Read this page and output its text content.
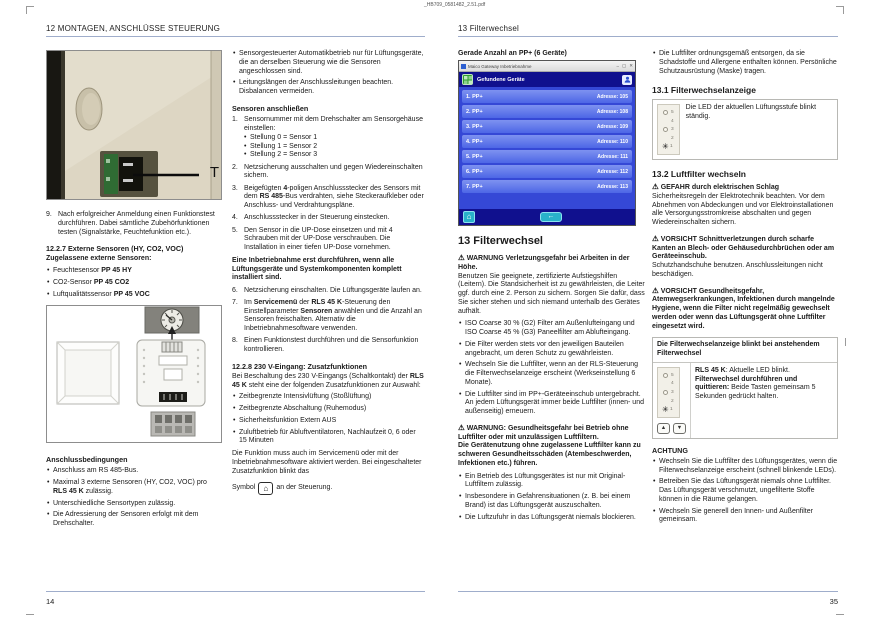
_HB709_0581482_2.51.pdf
12 MONTAGEN, ANSCHLÜSSE STEUERUNG
T
9. Nach erfolgreicher Anmeldung einen Funktionstest durchführen. Dabei sämtliche Zubehörfunktionen testen (Signalstärke, Feuchtefunktion etc.).
12.2.7 Externe Sensoren (HY, CO2, VOC)
Zugelassene externe Sensoren:
• Feuchtesensor PP 45 HY
• CO2-Sensor PP 45 CO2
• Luftqualitätssensor PP 45 VOC
Anschlussbedingungen
• Anschluss am RS 485-Bus.
• Maximal 3 externe Sensoren (HY, CO2, VOC) pro RLS 45 K zulässig.
• Unterschiedliche Sensortypen zulässig.
• Die Adressierung der Sensoren erfolgt mit dem Drehschalter.
• Sensorgesteuerter Automatikbetrieb nur für Lüftungsgeräte, die an derselben Steuerung wie die Sensoren angeschlossen sind.
• Leitungslängen der Anschlussleitungen beachten. Disbalancen vermeiden.
Sensoren anschließen
1. Sensornummer mit dem Drehschalter am Sensorgehäuse einstellen:
• Stellung 0 = Sensor 1
• Stellung 1 = Sensor 2
• Stellung 2 = Sensor 3
2. Netzsicherung ausschalten und gegen Wiedereinschalten sichern.
3. Beigefügten 4-poligen Anschlussstecker des Sensors mit dem RS 485-Bus verdrahten, siehe Steckeraufkleber oder Anschluss- und Verdrahtungspläne.
4. Anschlussstecker in der Steuerung einstecken.
5. Den Sensor in die UP-Dose einsetzen und mit 4 Schrauben mit der UP-Dose verschrauben. Die Installation in einer tiefen UP-Dose vornehmen.
Eine Inbetriebnahme erst durchführen, wenn alle Lüftungsgeräte und Systemkomponenten komplett installiert sind.
6. Netzsicherung einschalten. Die Lüftungsgeräte laufen an.
7. Im Servicemenü der RLS 45 K-Steuerung den Einstellparameter Sensoren anwählen und die Anzahl an Sensoren freischalten. Alternativ die Inbetriebnahmesoftware verwenden.
8. Einen Funktionstest durchführen und die Sensorfunktion kontrollieren.
12.2.8 230 V-Eingang: Zusatzfunktionen
Bei Beschaltung des 230 V-Eingangs (Schaltkontakt) der RLS 45 K steht eine der folgenden Zusatzfunktionen zur Auswahl:
• Zeitbegrenzte Intensivlüftung (Stoßlüftung)
• Zeitbegrenzte Abschaltung (Ruhemodus)
• Sicherheitsfunktion Extern AUS
• Zuluftbetrieb für Abluftventilatoren, Nachlaufzeit 0, 6 oder 15 Minuten
Die Funktion muss auch im Servicemenü oder mit der Inbetriebnahmesoftware aktiviert werden. Bei eingeschalteter Zusatzfunktion blinkt das
Symbol ⌂ an der Steuerung.
14
13 Filterwechsel
Gerade Anzahl an PP+ (6 Geräte)
Maico Gateway Inbetriebnahme	– ▢ ✕
Gefundene Geräte
1. PP+	Adresse: 105
2. PP+	Adresse: 108
3. PP+	Adresse: 109
4. PP+	Adresse: 110
5. PP+	Adresse: 111
6. PP+	Adresse: 112
7. PP+	Adresse: 113
⌂	←
13 Filterwechsel
⚠ WARNUNG Verletzungsgefahr bei Arbeiten in der Höhe.
Benutzen Sie geeignete, zertifizierte Aufstiegshilfen (Leitern). Die Standsicherheit ist zu gewährleisten, die Leiter ggf. durch eine 2. Person zu sichern. Sorgen Sie dafür, dass Sie sicher stehen und sich niemand unterhalb des Gerätes aufhält.
• ISO Coarse 30 % (G2) Filter am Außenlufteingang und ISO Coarse 45 % (G3) Paneelfilter am Ablufteingang.
• Die Filter werden stets vor den jeweiligen Bauteilen angebracht, um deren Schutz zu gewährleisten.
• Wechseln Sie die Luftfilter, wenn an der RLS-Steuerung die Filterwechselanzeige erscheint (Werkseinstellung 6 Monate).
• Die Luftfilter sind im PP+-Geräteeinschub untergebracht. An jedem Lüftungsgerät immer beide Luftfilter (innen- und außenseitig) erneuern.
⚠ WARNUNG: Gesundheitsgefahr bei Betrieb ohne Luftfilter oder mit unzulässigen Luftfiltern.
Die Gerätenutzung ohne zugelassene Luftfilter kann zu schweren Gesundheitsschäden (Atembeschwerden, Infektionen etc.) führen.
• Ein Betrieb des Lüftungsgerätes ist nur mit Original-Luftfiltern zulässig.
• Insbesondere in Gefahrensituationen (z. B. bei einem Brand) ist das Lüftungsgerät auszuschalten.
• Die Luftzufuhr in das Lüftungsgerät niemals blockieren.
• Die Luftfilter ordnungsgemäß entsorgen, da sie Schadstoffe und Allergene enthalten können. Persönliche Schutzausrüstung (Maske) tragen.
13.1 Filterwechselanzeige
5
4
3
2
✳ 1
Die LED der aktuellen Lüftungsstufe blinkt ständig.
13.2 Luftfilter wechseln
⚠ GEFAHR durch elektrischen Schlag
Sicherheitsregeln der Elektrotechnik beachten. Vor dem Abnehmen von Abdeckungen und vor Elektroinstallationen alle Versorgungsstromkreise abschalten und gegen Wiedereinschalten sichern.
⚠ VORSICHT Schnittverletzungen durch scharfe Kanten an Blech- oder Gehäusedurchbrüchen oder am Geräteeinschub.
Schutzhandschuhe benutzen. Anschlussleitungen nicht beschädigen.
⚠ VORSICHT Gesundheitsgefahr, Atemwegserkrankungen, Infektionen durch mangelnde Hygiene, wenn die Filter nicht regelmäßig gewechselt werden oder wenn das Lüftungsgerät ohne Luftfilter eingesetzt wird.
Die Filterwechselanzeige blinkt bei anstehendem Filterwechsel
5
4
3
2
✳ 1
▲ ▼
RLS 45 K: Aktuelle LED blinkt. Filterwechsel durchführen und quittieren: Beide Tasten gemeinsam 5 Sekunden gedrückt halten.
ACHTUNG
• Wechseln Sie die Luftfilter des Lüftungsgerätes, wenn die Filterwechselanzeige erscheint (schnell blinkende LEDs).
• Betreiben Sie das Lüftungsgerät niemals ohne Luftfilter. Das Lüftungsgerät verschmutzt, ungefilterte Stoffe können in die Räume gelangen.
• Wechseln Sie generell den Innen- und Außenfilter gemeinsam.
35
